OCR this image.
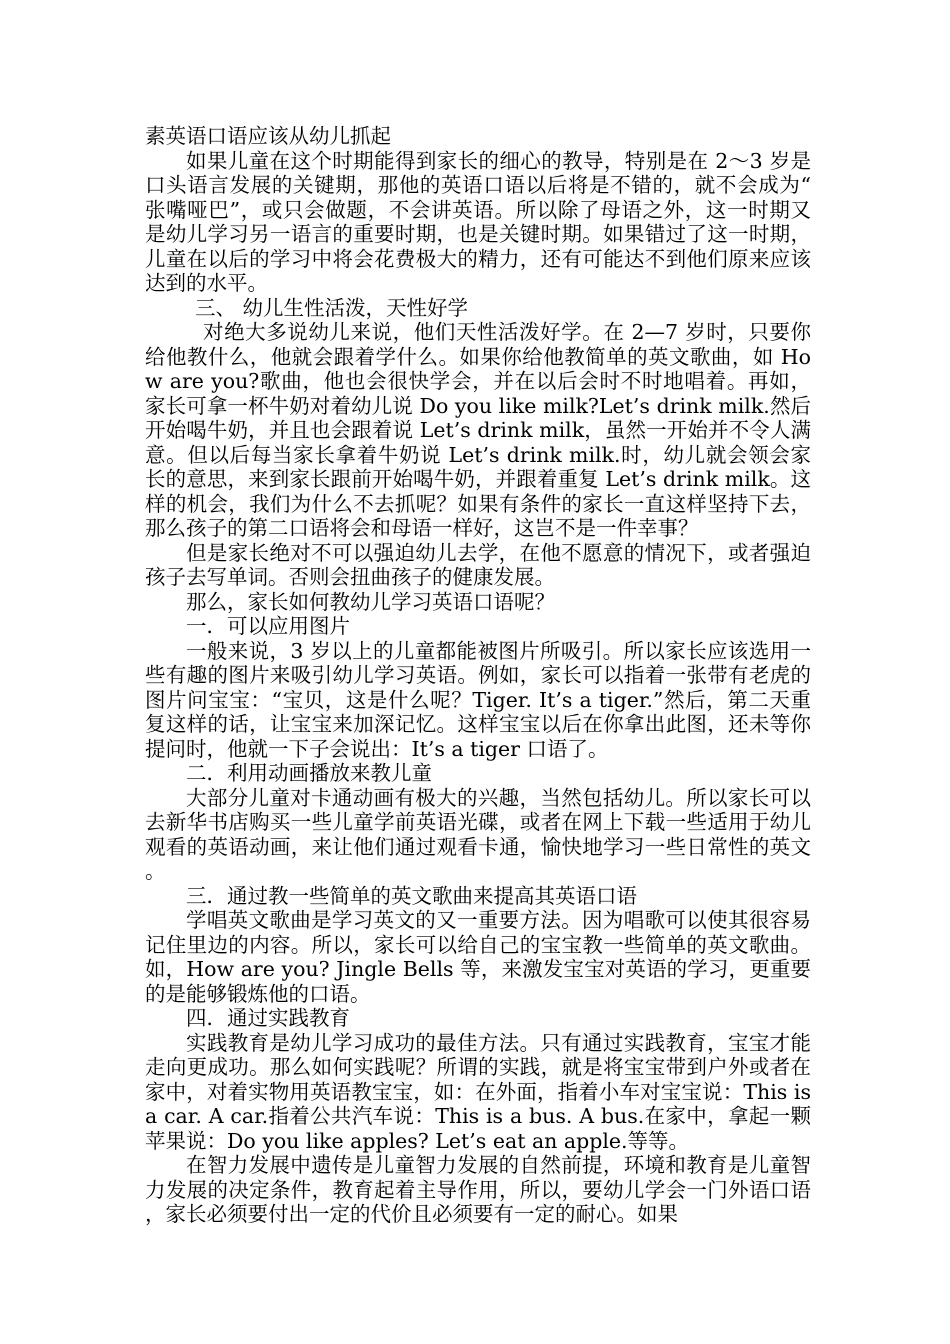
素英语口语应该从幼儿抓起

如果儿童在这个时期能得到家长的细心的教导，特别是在 2～3 岁是口头语言发展的关键期，那他的英语口语以后将是不错的，就不会成为“张嘴哑巴”，或只会做题，不会讲英语。所以除了母语之外，这一时期又是幼儿学习另一语言的重要时期，也是关键时期。如果错过了这一时期，儿童在以后的学习中将会花费极大的精力，还有可能达不到他们原来应该达到的水平。

三、 幼儿生性活泼，天性好学

对绝大多说幼儿来说，他们天性活泼好学。在 2—7 岁时，只要你给他教什么，他就会跟着学什么。如果你给他教简单的英文歌曲，如 How are you?歌曲，他也会很快学会，并在以后会时不时地唱着。再如，家长可拿一杯牛奶对着幼儿说 Do you like milk?Let’s drink milk.然后开始喝牛奶，并且也会跟着说 Let’s drink milk，虽然一开始并不令人满意。但以后每当家长拿着牛奶说 Let’s drink milk.时，幼儿就会领会家长的意思，来到家长跟前开始喝牛奶，并跟着重复 Let’s drink milk。这样的机会，我们为什么不去抓呢？如果有条件的家长一直这样坚持下去，那么孩子的第二口语将会和母语一样好，这岂不是一件幸事？

但是家长绝对不可以强迫幼儿去学，在他不愿意的情况下，或者强迫孩子去写单词。否则会扭曲孩子的健康发展。

那么，家长如何教幼儿学习英语口语呢？

一．可以应用图片

一般来说，3 岁以上的儿童都能被图片所吸引。所以家长应该选用一些有趣的图片来吸引幼儿学习英语。例如，家长可以指着一张带有老虎的图片问宝宝：“宝贝，这是什么呢？Tiger. It’s a tiger.”然后，第二天重复这样的话，让宝宝来加深记忆。这样宝宝以后在你拿出此图，还未等你提问时，他就一下子会说出：It’s a tiger 口语了。

二．利用动画播放来教儿童

大部分儿童对卡通动画有极大的兴趣，当然包括幼儿。所以家长可以去新华书店购买一些儿童学前英语光碟，或者在网上下载一些适用于幼儿观看的英语动画，来让他们通过观看卡通，愉快地学习一些日常性的英文。

三．通过教一些简单的英文歌曲来提高其英语口语

学唱英文歌曲是学习英文的又一重要方法。因为唱歌可以使其很容易记住里边的内容。所以，家长可以给自己的宝宝教一些简单的英文歌曲。如，How are you? Jingle Bells 等，来激发宝宝对英语的学习，更重要的是能够锻炼他的口语。

四．通过实践教育

实践教育是幼儿学习成功的最佳方法。只有通过实践教育，宝宝才能走向更成功。那么如何实践呢？所谓的实践，就是将宝宝带到户外或者在家中，对着实物用英语教宝宝，如：在外面，指着小车对宝宝说：This is a car. A car.指着公共汽车说：This is a bus. A bus.在家中，拿起一颗苹果说：Do you like apples? Let’s eat an apple.等等。

在智力发展中遗传是儿童智力发展的自然前提，环境和教育是儿童智力发展的决定条件，教育起着主导作用，所以，要幼儿学会一门外语口语，家长必须要付出一定的代价且必须要有一定的耐心。如果
